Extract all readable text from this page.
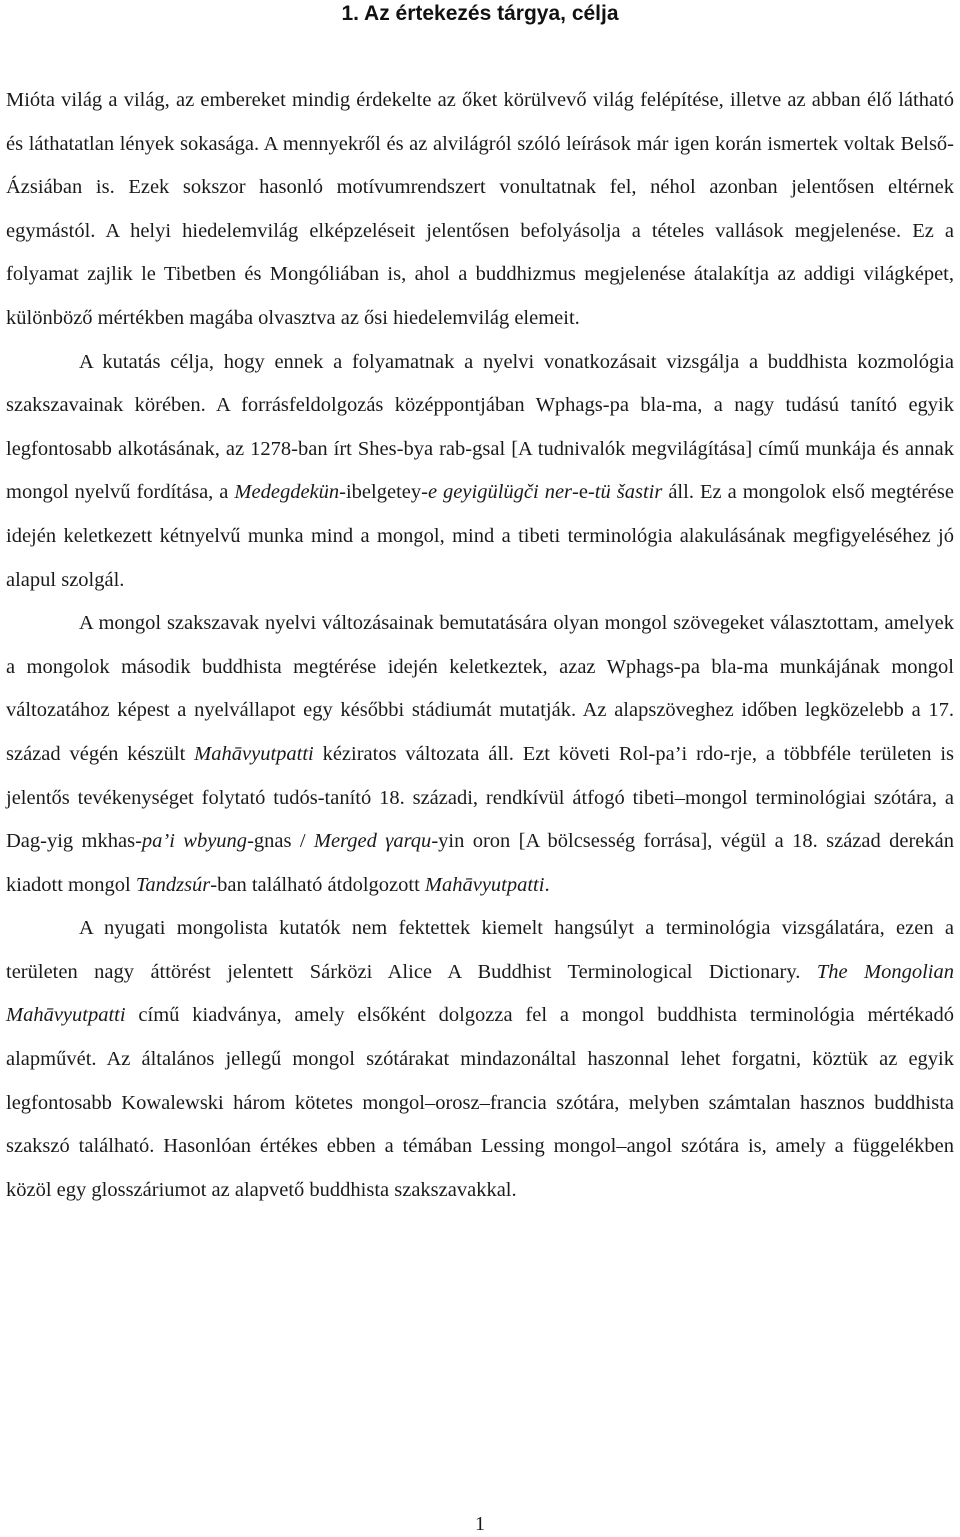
1. Az értekezés tárgya, célja

Mióta világ a világ, az embereket mindig érdekelte az őket körülvevő világ felépítése, illetve az abban élő látható és láthatatlan lények sokasága. A mennyekről és az alvilágról szóló leírások már igen korán ismertek voltak Belső-Ázsiában is. Ezek sokszor hasonló motívumrendszert vonultatnak fel, néhol azonban jelentősen eltérnek egymástól. A helyi hiedelemvilág elképzeléseit jelentősen befolyásolja a tételes vallások megjelenése. Ez a folyamat zajlik le Tibetben és Mongóliában is, ahol a buddhizmus megjelenése átalakítja az addigi világképet, különböző mértékben magába olvasztva az ősi hiedelemvilág elemeit.

A kutatás célja, hogy ennek a folyamatnak a nyelvi vonatkozásait vizsgálja a buddhista kozmológia szakszavainak körében. A forrásfeldolgozás középpontjában Wphags-pa bla-ma, a nagy tudású tanító egyik legfontosabb alkotásának, az 1278-ban írt Shes-bya rab-gsal [A tudnivalók megvilágítása] című munkája és annak mongol nyelvű fordítása, a Medegdekün-ibelgetey-e geyigülügči ner-e-tü šastir áll. Ez a mongolok első megtérése idején keletkezett kétnyelvű munka mind a mongol, mind a tibeti terminológia alakulásának megfigyeléséhez jó alapul szolgál.

A mongol szakszavak nyelvi változásainak bemutatására olyan mongol szövegeket választottam, amelyek a mongolok második buddhista megtérése idején keletkeztek, azaz Wphags-pa bla-ma munkájának mongol változatához képest a nyelvállapot egy későbbi stádiumát mutatják. Az alapszöveghez időben legközelebb a 17. század végén készült Mahāvyutpatti kéziratos változata áll. Ezt követi Rol-pa’i rdo-rje, a többféle területen is jelentős tevékenységet folytató tudós-tanító 18. századi, rendkívül átfogó tibeti–mongol terminológiai szótára, a Dag-yig mkhas-pa’i wbyung-gnas / Merged γarqu-yin oron [A bölcsesség forrása], végül a 18. század derekán kiadott mongol Tandzsúr-ban található átdolgozott Mahāvyutpatti.

A nyugati mongolista kutatók nem fektettek kiemelt hangsúlyt a terminológia vizsgálatára, ezen a területen nagy áttörést jelentett Sárközi Alice A Buddhist Terminological Dictionary. The Mongolian Mahāvyutpatti című kiadványa, amely elsőként dolgozza fel a mongol buddhista terminológia mértékadó alapművét. Az általános jellegű mongol szótárakat mindazonáltal haszonnal lehet forgatni, köztük az egyik legfontosabb Kowalewski három kötetes mongol–orosz–francia szótára, melyben számtalan hasznos buddhista szakszó található. Hasonlóan értékes ebben a témában Lessing mongol–angol szótára is, amely a függelékben közöl egy glosszáriumot az alapvető buddhista szakszavakkal.

1
